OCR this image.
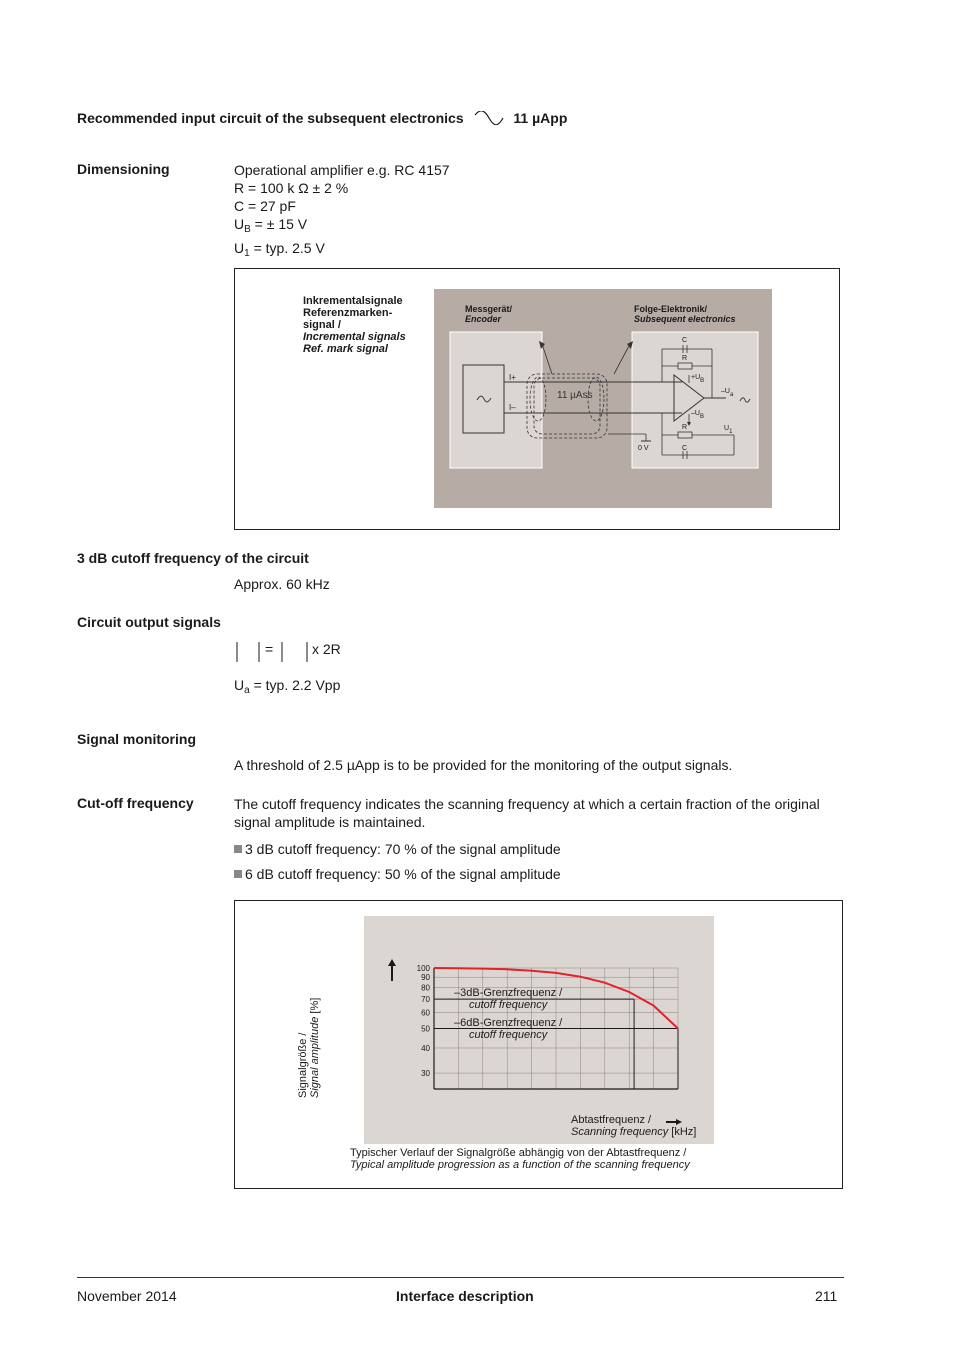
Recommended input circuit of the subsequent electronics	11 µApp
Dimensioning	Operational amplifier e.g. RC 4157
R = 100 k Ω ± 2 %
C = 27 pF
$U_B$ = ± 15 V
$U_1$ = typ. 2.5 V
Inkrementalsignale
Referenzmarken-
signal /
Incremental signals
Ref. mark signal
Messgerät/
Encoder
Folge-Elektronik/
Subsequent electronics
11 µAss
I+
I–
C
R
$+U_B$
$-U_B$
$-U_a$
R
C
$U_1$
0 V
3 dB cutoff frequency of the circuit
Approx. 60 kHz
Circuit output signals
=	x 2R
$U_a$ = typ. 2.2 Vpp
Signal monitoring
A threshold of 2.5 µApp is to be provided for the monitoring of the output signals.
Cut-off frequency	The cutoff frequency indicates the scanning frequency at which a certain fraction of the original
signal amplitude is maintained.
3 dB cutoff frequency: 70 % of the signal amplitude
6 dB cutoff frequency: 50 % of the signal amplitude
100
90
80
70
60
50
40
30
–3dB-Grenzfrequenz /
cutoff frequency
–6dB-Grenzfrequenz /
cutoff frequency
Signalgröße / Signal amplitude [%]
Abtastfrequenz /
Scanning frequency [kHz]
Typischer Verlauf der Signalgröße abhängig von der Abtastfrequenz /
Typical amplitude progression as a function of the scanning frequency
November 2014	Interface description	211
